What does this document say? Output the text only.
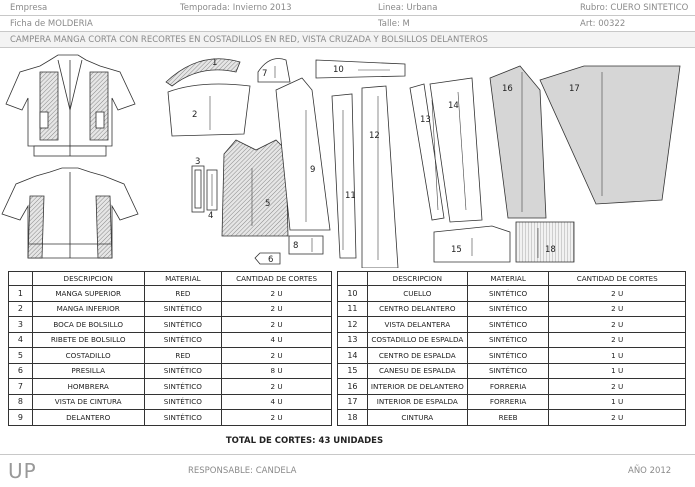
Empresa	Temporada: Invierno 2013	Linea: Urbana	Rubro: CUERO SINTETICO
Ficha de MOLDERIA	Talle: M	Art: 00322
CAMPERA MANGA CORTA CON RECORTES EN COSTADILLOS EN RED, VISTA CRUZADA Y BOLSILLOS DELANTEROS
1
2
3
4
5
6
7
8
9
10
11
12
13
14
15
16	17
18
	DESCRIPCION	MATERIAL	CANTIDAD DE CORTES
1	MANGA SUPERIOR	RED	2 U
2	MANGA INFERIOR	SINTÉTICO	2 U
3	BOCA DE BOLSILLO	SINTÉTICO	2 U
4	RIBETE DE BOLSILLO	SINTÉTICO	4 U
5	COSTADILLO	RED	2 U
6	PRESILLA	SINTÉTICO	8 U
7	HOMBRERA	SINTÉTICO	2 U
8	VISTA DE CINTURA	SINTÉTICO	4 U
9	DELANTERO	SINTÉTICO	2 U
	DESCRIPCION	MATERIAL	CANTIDAD DE CORTES
10	CUELLO	SINTÉTICO	2 U
11	CENTRO DELANTERO	SINTÉTICO	2 U
12	VISTA DELANTERA	SINTÉTICO	2 U
13	COSTADILLO DE ESPALDA	SINTÉTICO	2 U
14	CENTRO DE ESPALDA	SINTÉTICO	1 U
15	CANESU DE ESPALDA	SINTÉTICO	1 U
16	INTERIOR DE DELANTERO	FORRERIA	2 U
17	INTERIOR DE ESPALDA	FORRERIA	1 U
18	CINTURA	REEB	2 U
TOTAL DE CORTES: 43 UNIDADES
UP	RESPONSABLE: CANDELA	AÑO 2012
